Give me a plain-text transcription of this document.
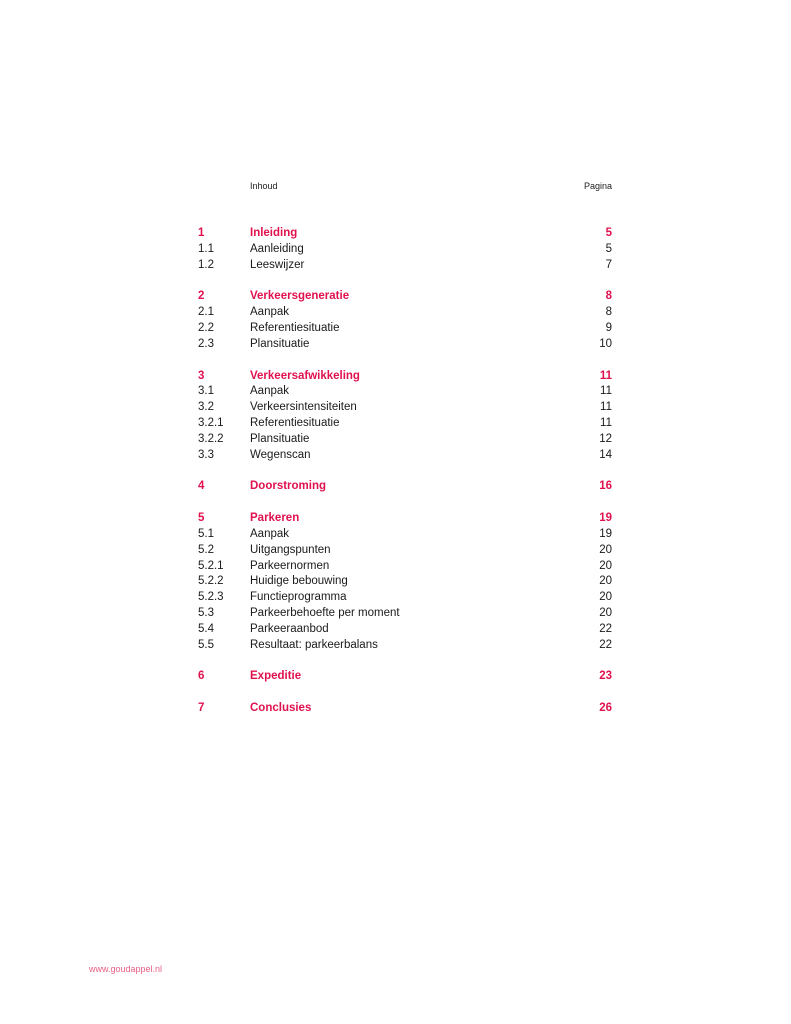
Inhoud	Pagina
1	Inleiding	5
1.1	Aanleiding	5
1.2	Leeswijzer	7
2	Verkeersgeneratie	8
2.1	Aanpak	8
2.2	Referentiesituatie	9
2.3	Plansituatie	10
3	Verkeersafwikkeling	11
3.1	Aanpak	11
3.2	Verkeersintensiteiten	11
3.2.1 Referentiesituatie	11
3.2.2 Plansituatie	12
3.3	Wegenscan	14
4	Doorstroming	16
5	Parkeren	19
5.1	Aanpak	19
5.2	Uitgangspunten	20
5.2.1 Parkeernormen	20
5.2.2 Huidige bebouwing	20
5.2.3 Functieprogramma	20
5.3	Parkeerbehoefte per moment	20
5.4	Parkeeraanbod	22
5.5	Resultaat: parkeerbalans	22
6	Expeditie	23
7	Conclusies	26
www.goudappel.nl
